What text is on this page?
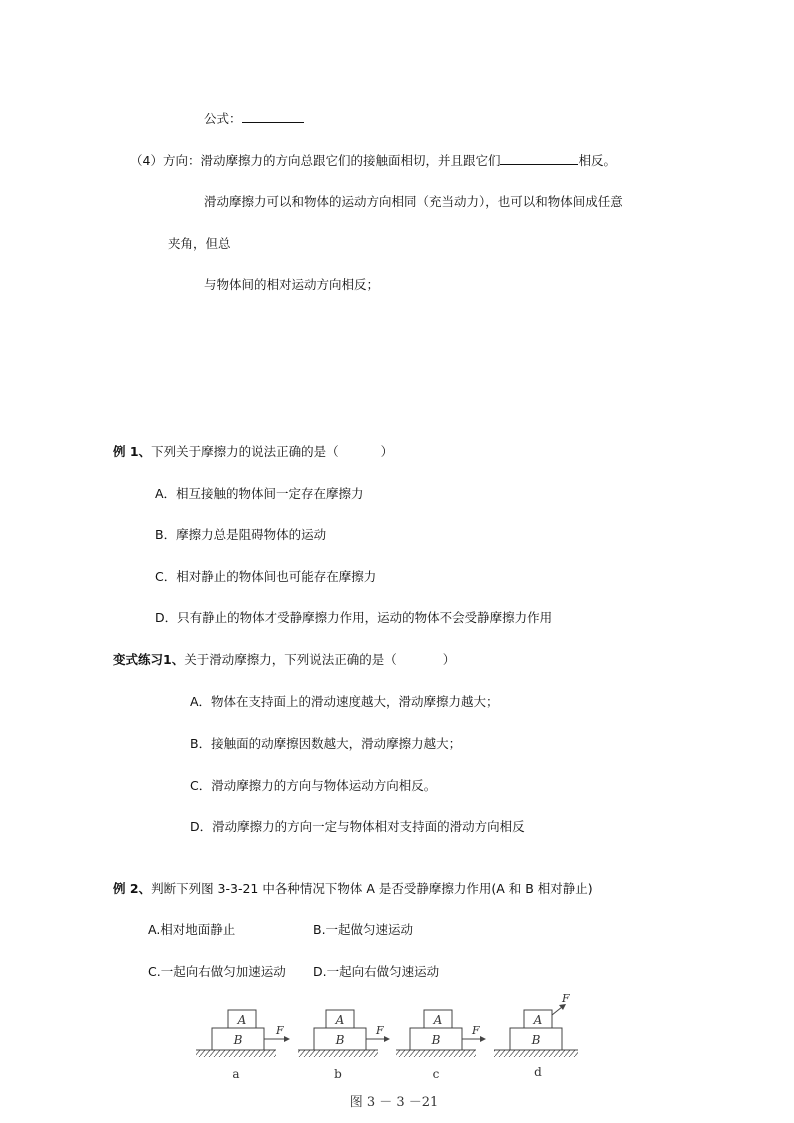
公式：
（4）方向：滑动摩擦力的方向总跟它们的接触面相切，并且跟它们	相反。
滑动摩擦力可以和物体的运动方向相同（充当动力），也可以和物体间成任意
夹角，但总
与物体间的相对运动方向相反；
例 1、下列关于摩擦力的说法正确的是（	）
A．相互接触的物体间一定存在摩擦力
B．摩擦力总是阻碍物体的运动
C．相对静止的物体间也可能存在摩擦力
D．只有静止的物体才受静摩擦力作用，运动的物体不会受静摩擦力作用
变式练习1、关于滑动摩擦力，下列说法正确的是（	）
A．物体在支持面上的滑动速度越大，滑动摩擦力越大；
B．接触面的动摩擦因数越大，滑动摩擦力越大；
C．滑动摩擦力的方向与物体运动方向相反。
D．滑动摩擦力的方向一定与物体相对支持面的滑动方向相反
例 2、判断下列图 3-3-21 中各种情况下物体 A 是否受静摩擦力作用(A 和 B 相对静止)
A.相对地面静止	B.一起做匀速运动
C.一起向右做匀加速运动 D.一起向右做匀速运动
A
B
F
a
A
B
F
b
A
B
F
c
A
B
F
d
图 3 － 3 －21
